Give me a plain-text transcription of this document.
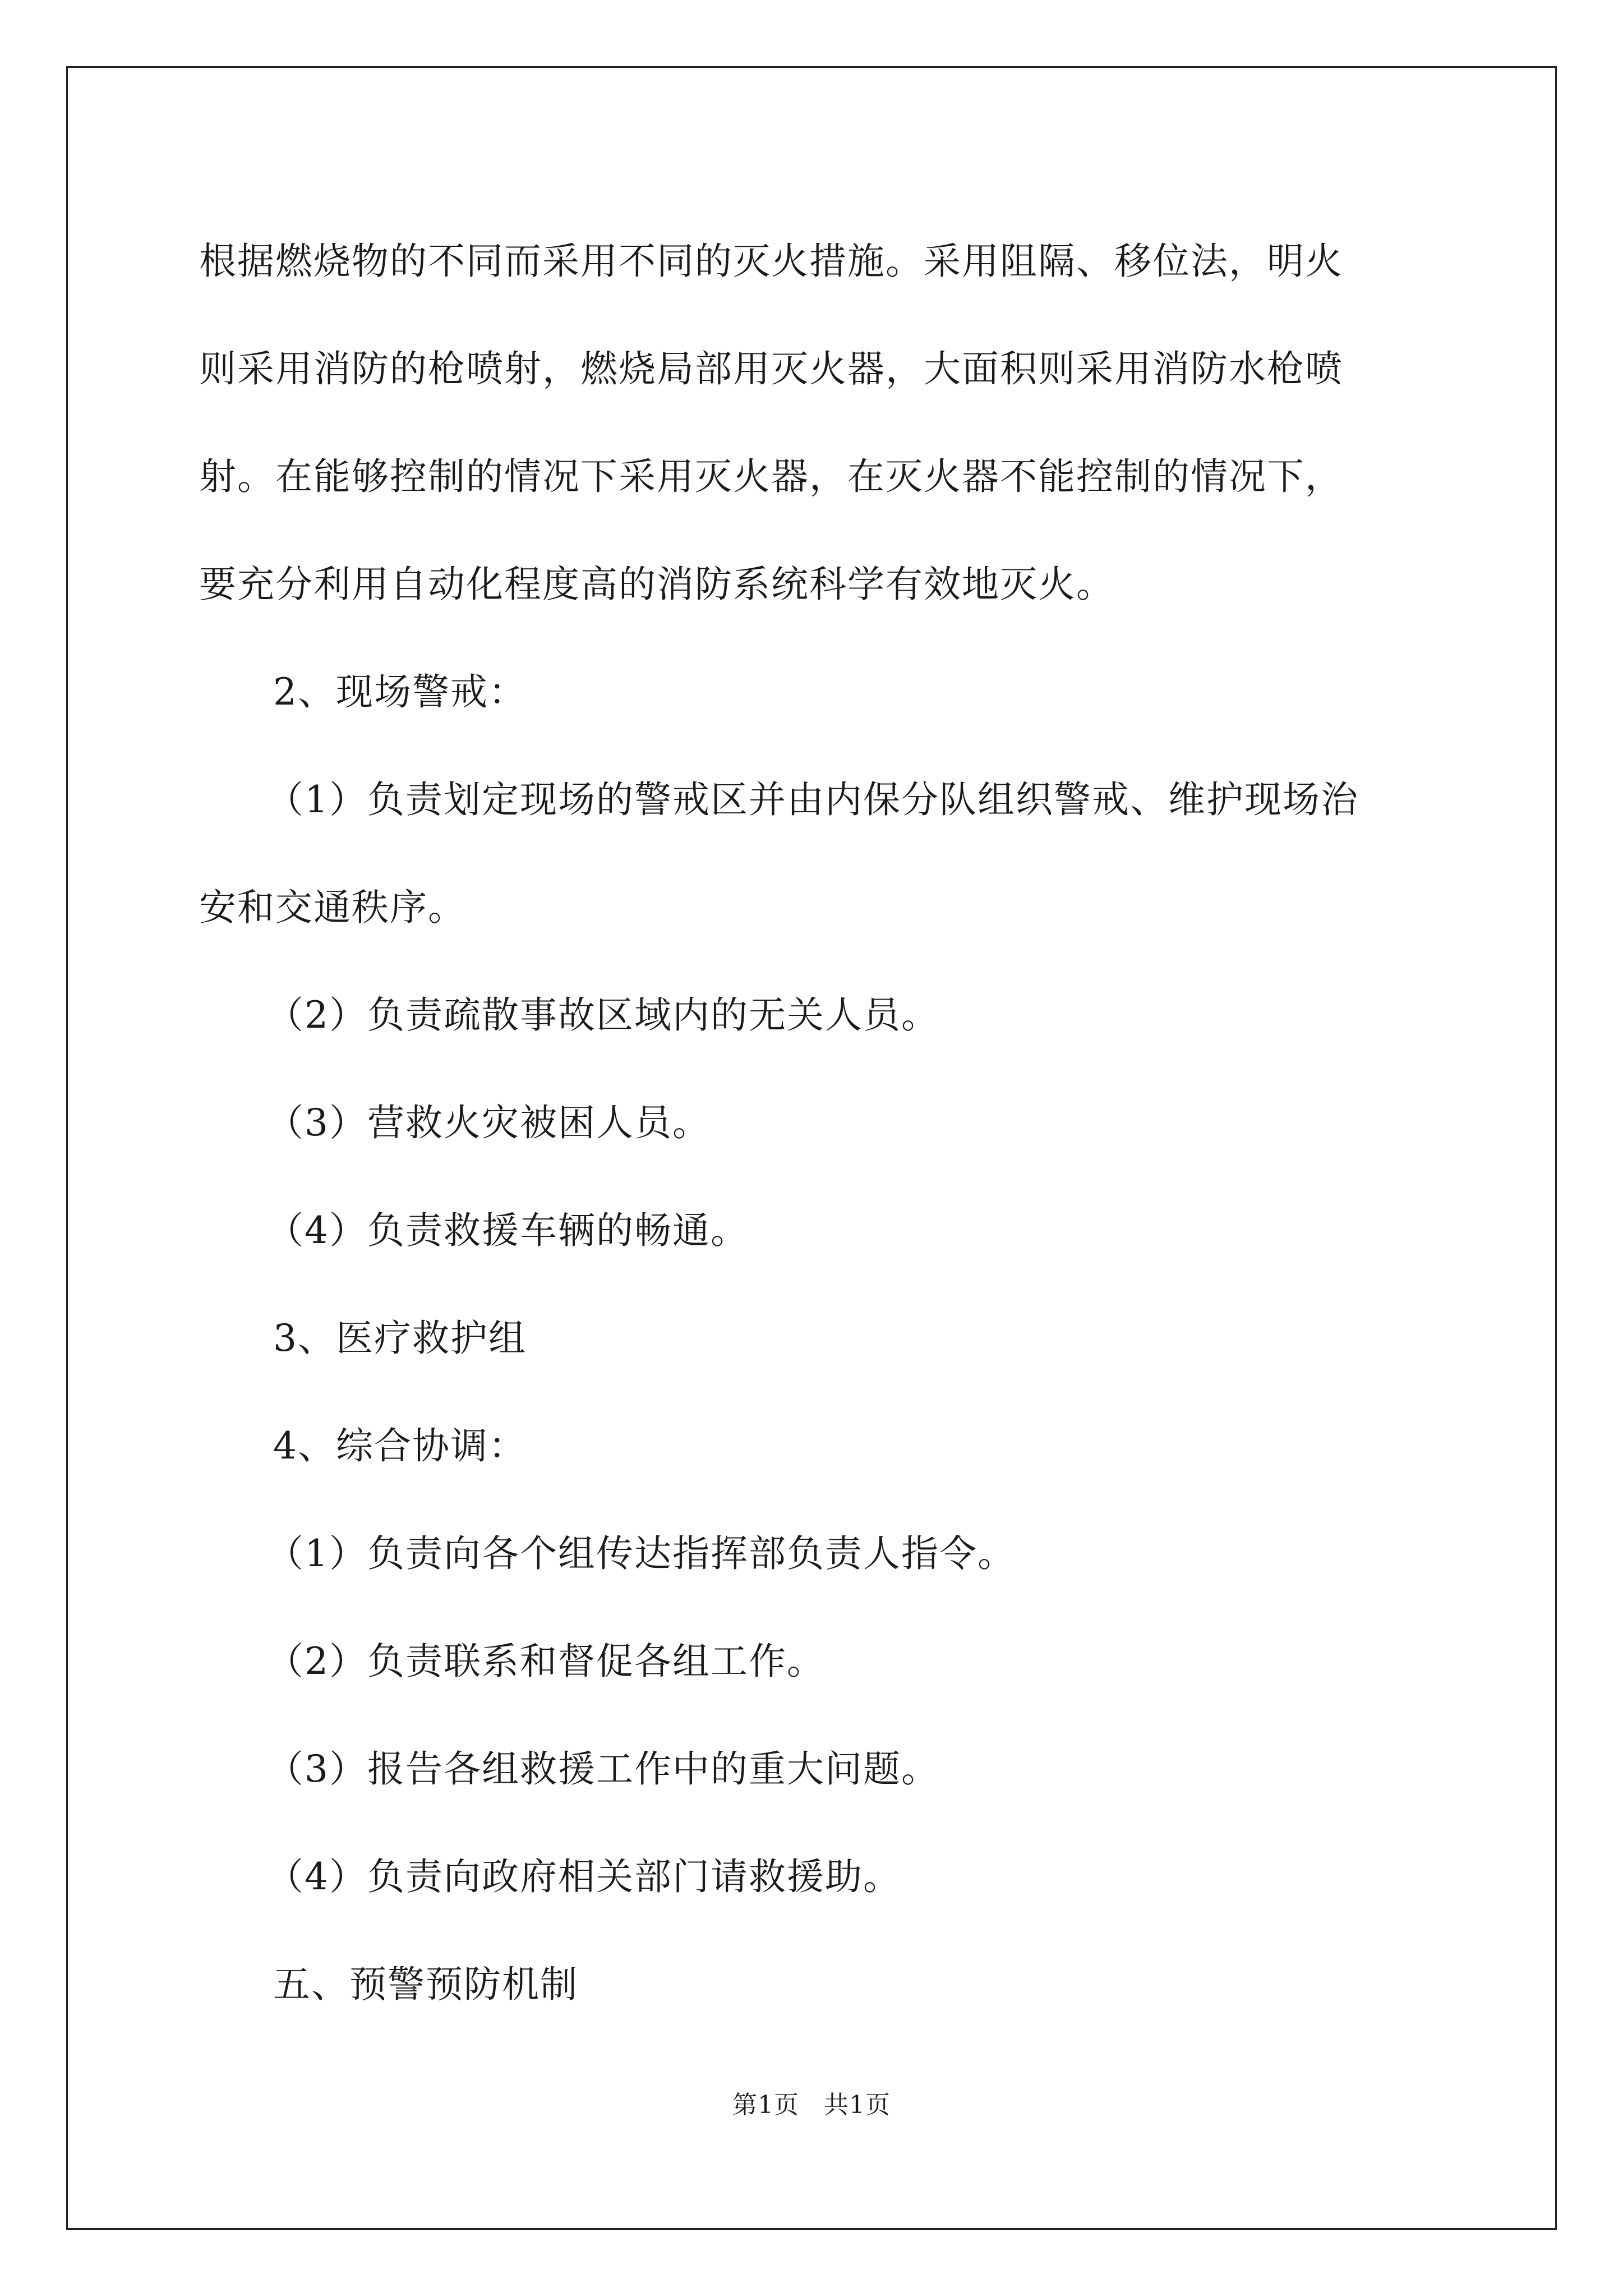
根据燃烧物的不同而采用不同的灭火措施。采用阻隔、移位法，明火
则采用消防的枪喷射，燃烧局部用灭火器，大面积则采用消防水枪喷
射。在能够控制的情况下采用灭火器，在灭火器不能控制的情况下，
要充分利用自动化程度高的消防系统科学有效地灭火。
2、现场警戒：
（1）负责划定现场的警戒区并由内保分队组织警戒、维护现场治
安和交通秩序。
（2）负责疏散事故区域内的无关人员。
（3）营救火灾被困人员。
（4）负责救援车辆的畅通。
3、医疗救护组
4、综合协调：
（1）负责向各个组传达指挥部负责人指令。
（2）负责联系和督促各组工作。
（3）报告各组救援工作中的重大问题。
（4）负责向政府相关部门请救援助。
五、预警预防机制
第1页 共1页
